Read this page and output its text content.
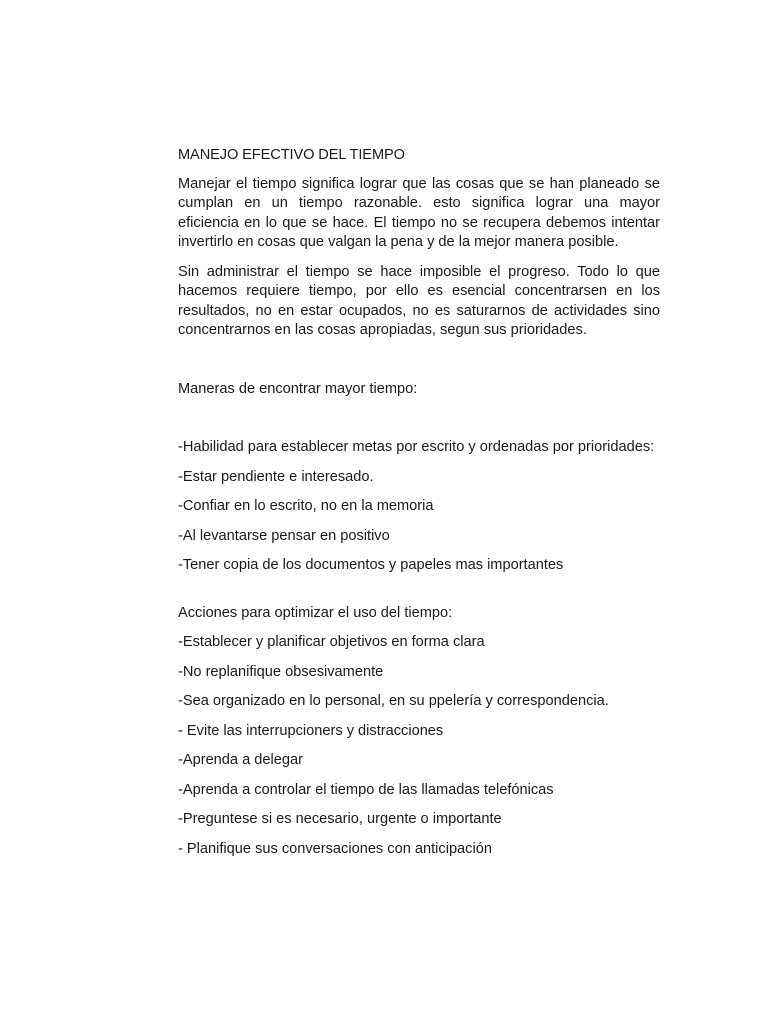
MANEJO EFECTIVO DEL TIEMPO

Manejar el tiempo significa lograr que las cosas que se han planeado se cumplan en un tiempo razonable. esto significa lograr una mayor eficiencia en lo que se hace. El tiempo no se recupera debemos intentar invertirlo en cosas que valgan la pena y de la mejor manera posible.

Sin administrar el tiempo se hace imposible el progreso. Todo lo que hacemos requiere tiempo, por ello es esencial concentrarsen en los resultados, no en estar ocupados, no es saturarnos de actividades sino concentrarnos en las cosas apropiadas, segun sus prioridades.

Maneras de encontrar mayor tiempo:

-Habilidad para establecer metas por escrito y ordenadas por prioridades:

-Estar pendiente e interesado.

-Confiar en lo escrito, no en la memoria

-Al levantarse pensar en positivo

-Tener copia de los documentos y papeles mas importantes

Acciones para optimizar el uso del tiempo:

-Establecer y planificar objetivos en forma clara

-No replanifique obsesivamente

-Sea organizado en lo personal, en su ppelería y correspondencia.

- Evite las interrupcioners y distracciones

-Aprenda a delegar

-Aprenda a controlar el tiempo de las llamadas telefónicas

-Preguntese si es necesario, urgente o importante

- Planifique sus conversaciones con anticipación
